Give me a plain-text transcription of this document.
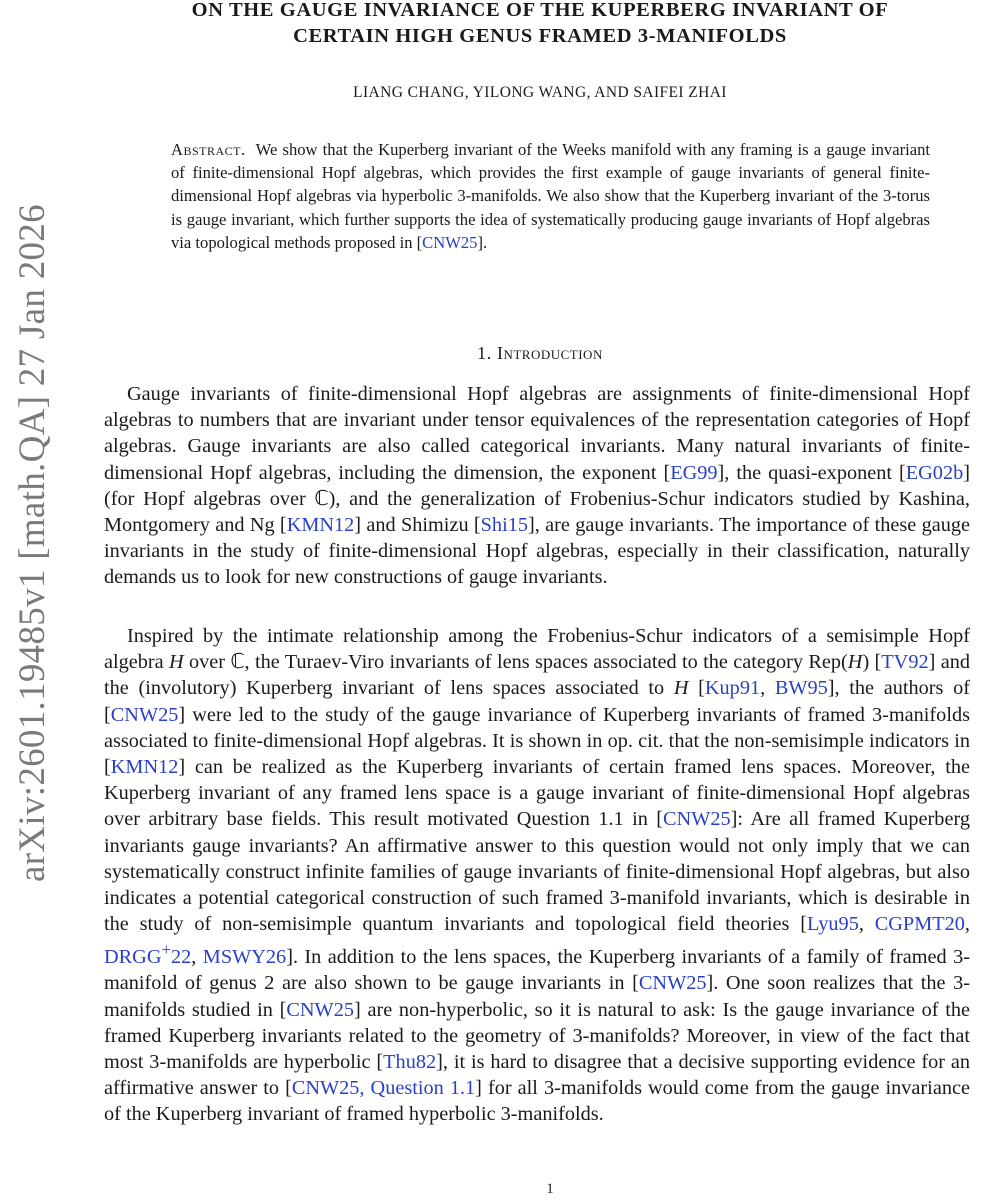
arXiv:2601.19485v1 [math.QA] 27 Jan 2026
ON THE GAUGE INVARIANCE OF THE KUPERBERG INVARIANT OF
CERTAIN HIGH GENUS FRAMED 3-MANIFOLDS
LIANG CHANG, YILONG WANG, AND SAIFEI ZHAI

Abstract. We show that the Kuperberg invariant of the Weeks manifold with any framing is a gauge invariant of finite-dimensional Hopf algebras, which provides the first example of gauge invariants of general finite-dimensional Hopf algebras via hyperbolic 3-manifolds. We also show that the Kuperberg invariant of the 3-torus is gauge invariant, which further supports the idea of systematically producing gauge invariants of Hopf algebras via topological methods proposed in [CNW25].

1. Introduction

Gauge invariants of finite-dimensional Hopf algebras are assignments of finite-dimensional Hopf algebras to numbers that are invariant under tensor equivalences of the representation categories of Hopf algebras. Gauge invariants are also called categorical invariants. Many natural invariants of finite-dimensional Hopf algebras, including the dimension, the exponent [EG99], the quasi-exponent [EG02b] (for Hopf algebras over ℂ), and the generalization of Frobenius-Schur indicators studied by Kashina, Montgomery and Ng [KMN12] and Shimizu [Shi15], are gauge invariants. The importance of these gauge invariants in the study of finite-dimensional Hopf algebras, especially in their classification, naturally demands us to look for new constructions of gauge invariants.

Inspired by the intimate relationship among the Frobenius-Schur indicators of a semisimple Hopf algebra H over ℂ, the Turaev-Viro invariants of lens spaces associated to the category Rep(H) [TV92] and the (involutory) Kuperberg invariant of lens spaces associated to H [Kup91, BW95], the authors of [CNW25] were led to the study of the gauge invariance of Kuperberg invariants of framed 3-manifolds associated to finite-dimensional Hopf algebras. It is shown in op. cit. that the non-semisimple indicators in [KMN12] can be realized as the Kuperberg invariants of certain framed lens spaces. Moreover, the Kuperberg invariant of any framed lens space is a gauge invariant of finite-dimensional Hopf algebras over arbitrary base fields. This result motivated Question 1.1 in [CNW25]: Are all framed Kuperberg invariants gauge invariants? An affirmative answer to this question would not only imply that we can systematically construct infinite families of gauge invariants of finite-dimensional Hopf algebras, but also indicates a potential categorical construction of such framed 3-manifold invariants, which is desirable in the study of non-semisimple quantum invariants and topological field theories [Lyu95, CGPMT20, DRGG+22, MSWY26]. In addition to the lens spaces, the Kuperberg invariants of a family of framed 3-manifold of genus 2 are also shown to be gauge invariants in [CNW25]. One soon realizes that the 3-manifolds studied in [CNW25] are non-hyperbolic, so it is natural to ask: Is the gauge invariance of the framed Kuperberg invariants related to the geometry of 3-manifolds? Moreover, in view of the fact that most 3-manifolds are hyperbolic [Thu82], it is hard to disagree that a decisive supporting evidence for an affirmative answer to [CNW25, Question 1.1] for all 3-manifolds would come from the gauge invariance of the Kuperberg invariant of framed hyperbolic 3-manifolds.

1
